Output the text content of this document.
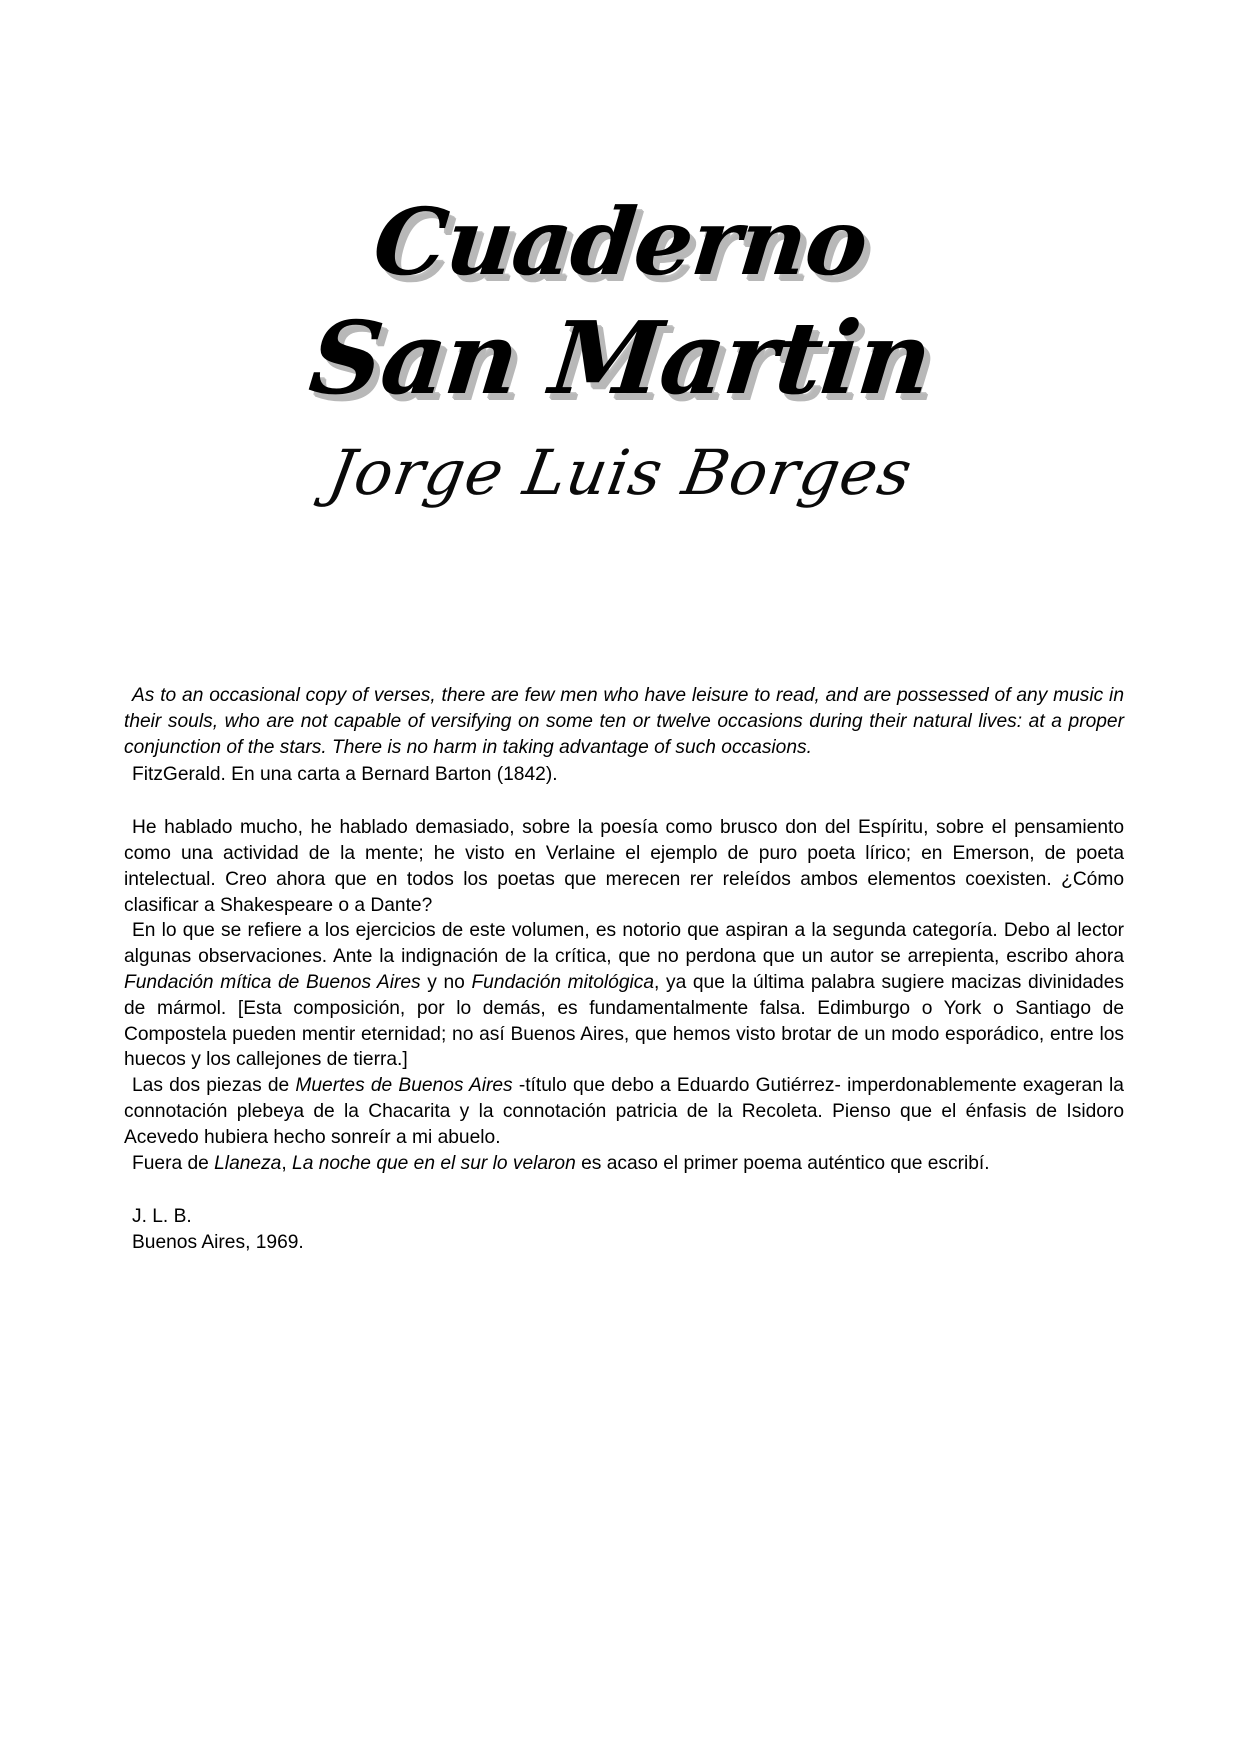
Cuaderno
San Martin
Jorge Luis Borges

As to an occasional copy of verses, there are few men who have leisure to read, and are possessed of any music in their souls, who are not capable of versifying on some ten or twelve occasions during their natural lives: at a proper conjunction of the stars. There is no harm in taking advantage of such occasions.

FitzGerald. En una carta a Bernard Barton (1842).

He hablado mucho, he hablado demasiado, sobre la poesía como brusco don del Espíritu, sobre el pensamiento como una actividad de la mente; he visto en Verlaine el ejemplo de puro poeta lírico; en Emerson, de poeta intelectual. Creo ahora que en todos los poetas que merecen rer releídos ambos elementos coexisten. ¿Cómo clasificar a Shakespeare o a Dante?

En lo que se refiere a los ejercicios de este volumen, es notorio que aspiran a la segunda categoría. Debo al lector algunas observaciones. Ante la indignación de la crítica, que no perdona que un autor se arrepienta, escribo ahora Fundación mítica de Buenos Aires y no Fundación mitológica, ya que la última palabra sugiere macizas divinidades de mármol. [Esta composición, por lo demás, es fundamentalmente falsa. Edimburgo o York o Santiago de Compostela pueden mentir eternidad; no así Buenos Aires, que hemos visto brotar de un modo esporádico, entre los huecos y los callejones de tierra.]

Las dos piezas de Muertes de Buenos Aires -título que debo a Eduardo Gutiérrez- imperdonablemente exageran la connotación plebeya de la Chacarita y la connotación patricia de la Recoleta. Pienso que el énfasis de Isidoro Acevedo hubiera hecho sonreír a mi abuelo.

Fuera de Llaneza, La noche que en el sur lo velaron es acaso el primer poema auténtico que escribí.

J. L. B.
Buenos Aires, 1969.
